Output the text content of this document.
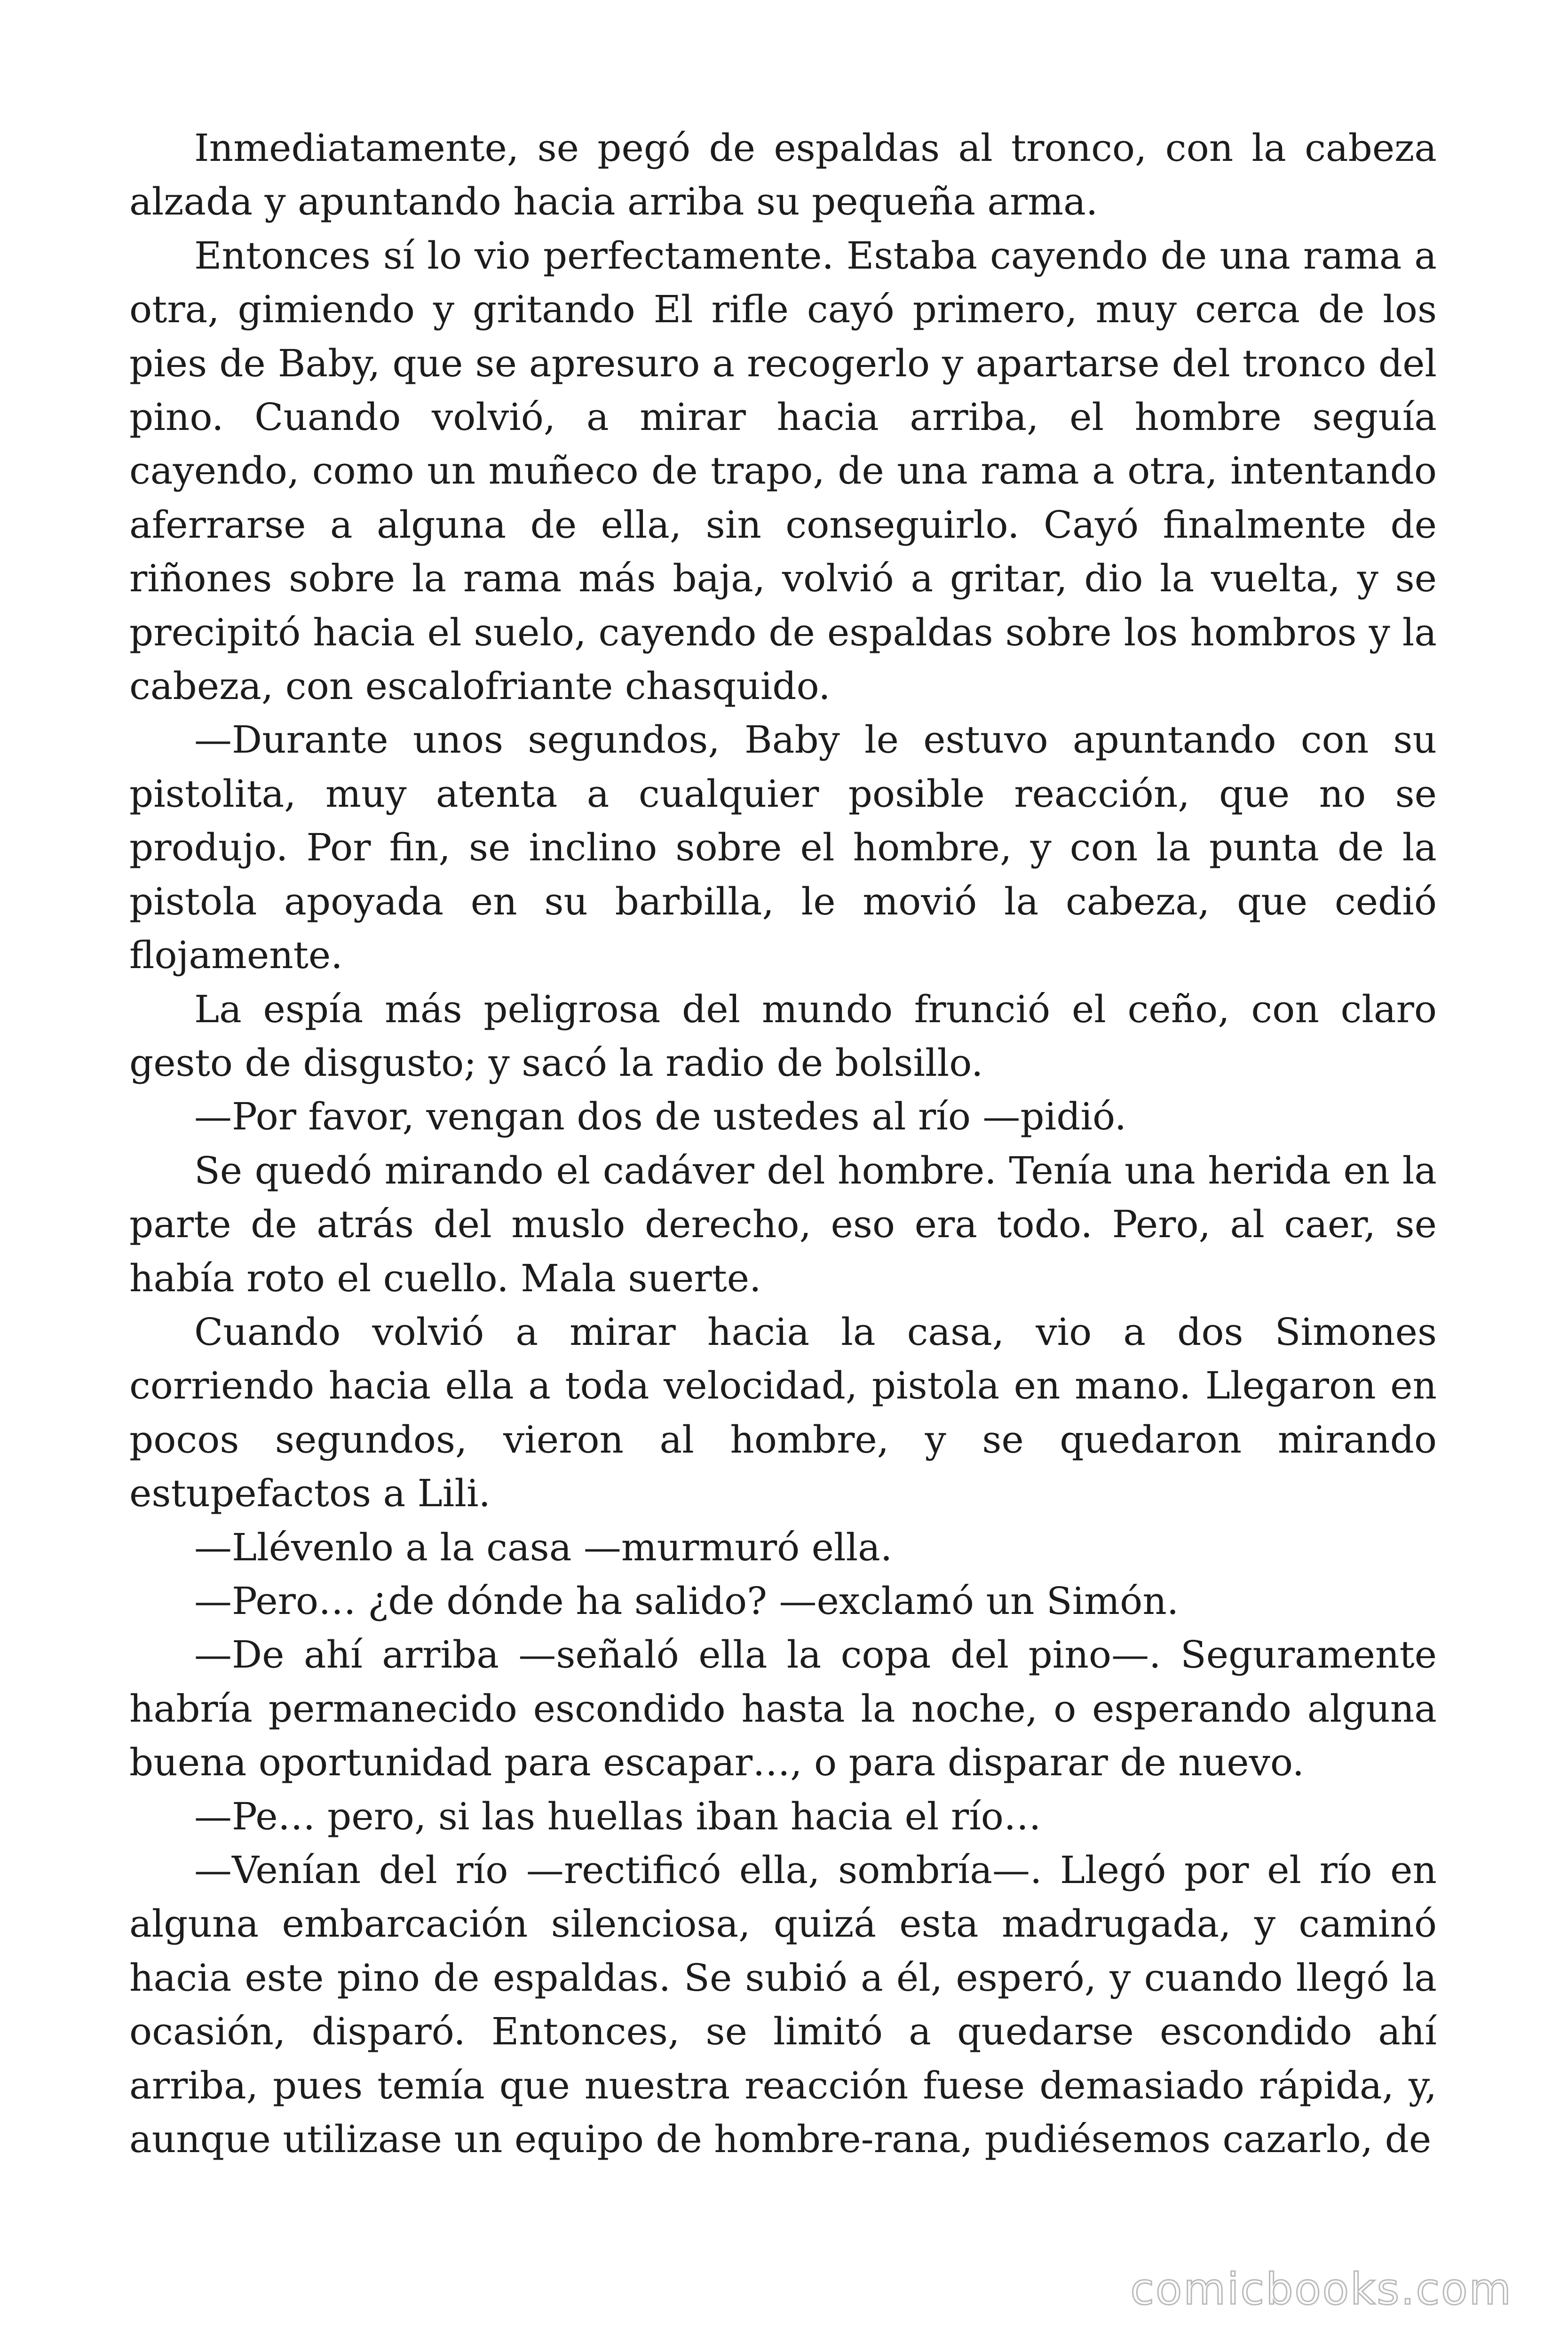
Inmediatamente, se pegó de espaldas al tronco, con la cabeza alzada y apuntando hacia arriba su pequeña arma.

Entonces sí lo vio perfectamente. Estaba cayendo de una rama a otra, gimiendo y gritando El rifle cayó primero, muy cerca de los pies de Baby, que se apresuro a recogerlo y apartarse del tronco del pino. Cuando volvió, a mirar hacia arriba, el hombre seguía cayendo, como un muñeco de trapo, de una rama a otra, intentando aferrarse a alguna de ella, sin conseguirlo. Cayó finalmente de riñones sobre la rama más baja, volvió a gritar, dio la vuelta, y se precipitó hacia el suelo, cayendo de espaldas sobre los hombros y la cabeza, con escalofriante chasquido.

—Durante unos segundos, Baby le estuvo apuntando con su pistolita, muy atenta a cualquier posible reacción, que no se produjo. Por fin, se inclino sobre el hombre, y con la punta de la pistola apoyada en su barbilla, le movió la cabeza, que cedió flojamente.

La espía más peligrosa del mundo frunció el ceño, con claro gesto de disgusto; y sacó la radio de bolsillo.

—Por favor, vengan dos de ustedes al río —pidió.

Se quedó mirando el cadáver del hombre. Tenía una herida en la parte de atrás del muslo derecho, eso era todo. Pero, al caer, se había roto el cuello. Mala suerte.

Cuando volvió a mirar hacia la casa, vio a dos Simones corriendo hacia ella a toda velocidad, pistola en mano. Llegaron en pocos segundos, vieron al hombre, y se quedaron mirando estupefactos a Lili.

—Llévenlo a la casa —murmuró ella.

—Pero… ¿de dónde ha salido? —exclamó un Simón.

—De ahí arriba —señaló ella la copa del pino—. Seguramente habría permanecido escondido hasta la noche, o esperando alguna buena oportunidad para escapar…, o para disparar de nuevo.

—Pe… pero, si las huellas iban hacia el río…

—Venían del río —rectificó ella, sombría—. Llegó por el río en alguna embarcación silenciosa, quizá esta madrugada, y caminó hacia este pino de espaldas. Se subió a él, esperó, y cuando llegó la ocasión, disparó. Entonces, se limitó a quedarse escondido ahí arriba, pues temía que nuestra reacción fuese demasiado rápida, y, aunque utilizase un equipo de hombre-rana, pudiésemos cazarlo, de

comicbooks.com
